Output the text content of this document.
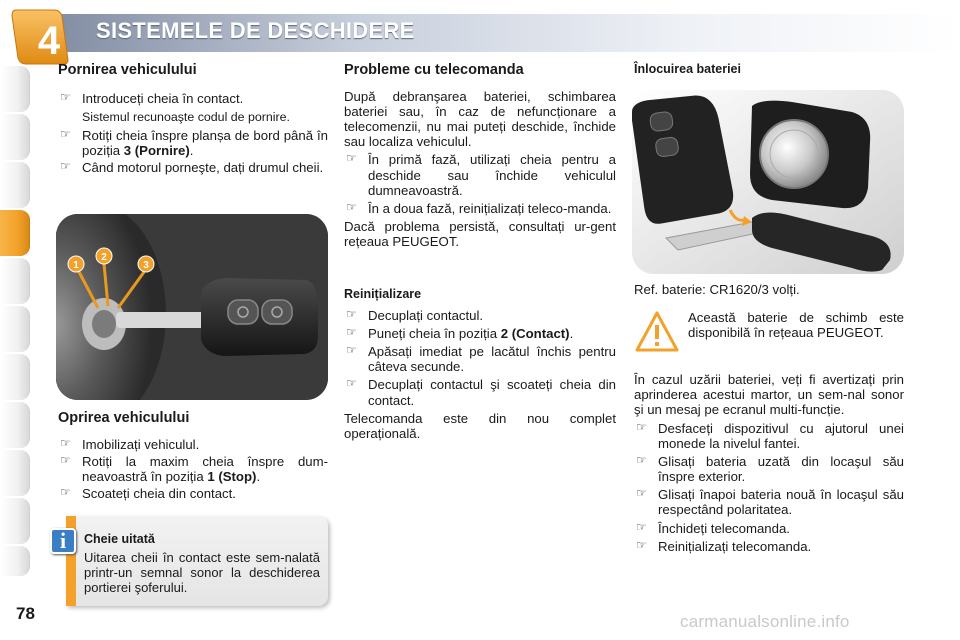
4	SISTEMELE DE DESCHIDERE
Pornirea vehiculului
☞ Introduceți cheia în contact.
Sistemul recunoaşte codul de pornire.
☞ Rotiți cheia înspre planșa de bord până în poziția 3 (Pornire).
☞ Când motorul porneşte, dați drumul cheii.
1
2
3
Oprirea vehiculului
☞ Imobilizați vehiculul.
☞ Rotiți la maxim cheia înspre dum-neavoastră în poziția 1 (Stop).
☞ Scoateți cheia din contact.
Cheie uitată
Uitarea cheii în contact este sem-nalată printr-un semnal sonor la deschiderea portierei şoferului.
i
Probleme cu telecomanda
După debranşarea bateriei, schimbarea bateriei sau, în caz de nefuncționare a telecomenzii, nu mai puteți deschide, închide sau localiza vehiculul.
☞ În primă fază, utilizați cheia pentru a deschide sau închide vehiculul dumneavoastră.
☞ În a doua fază, reinițializați teleco-manda.
Dacă problema persistă, consultați ur-gent rețeaua PEUGEOT.
Reinițializare
☞ Decuplați contactul.
☞ Puneți cheia în poziția 2 (Contact).
☞ Apăsați imediat pe lacătul închis pentru câteva secunde.
☞ Decuplați contactul şi scoateți cheia din contact.
Telecomanda este din nou complet operațională.
Înlocuirea bateriei
Ref. baterie: CR1620/3 volți.
Această baterie de schimb este disponibilă în rețeaua PEUGEOT.
În cazul uzării bateriei, veți fi avertizați prin aprinderea acestui martor, un sem-nal sonor şi un mesaj pe ecranul multi-funcție.
☞ Desfaceți dispozitivul cu ajutorul unei monede la nivelul fantei.
☞ Glisați bateria uzată din locaşul său înspre exterior.
☞ Glisați înapoi bateria nouă în locaşul său respectând polaritatea.
☞ Închideți telecomanda.
☞ Reinițializați telecomanda.
78	carmanualsonline.info
